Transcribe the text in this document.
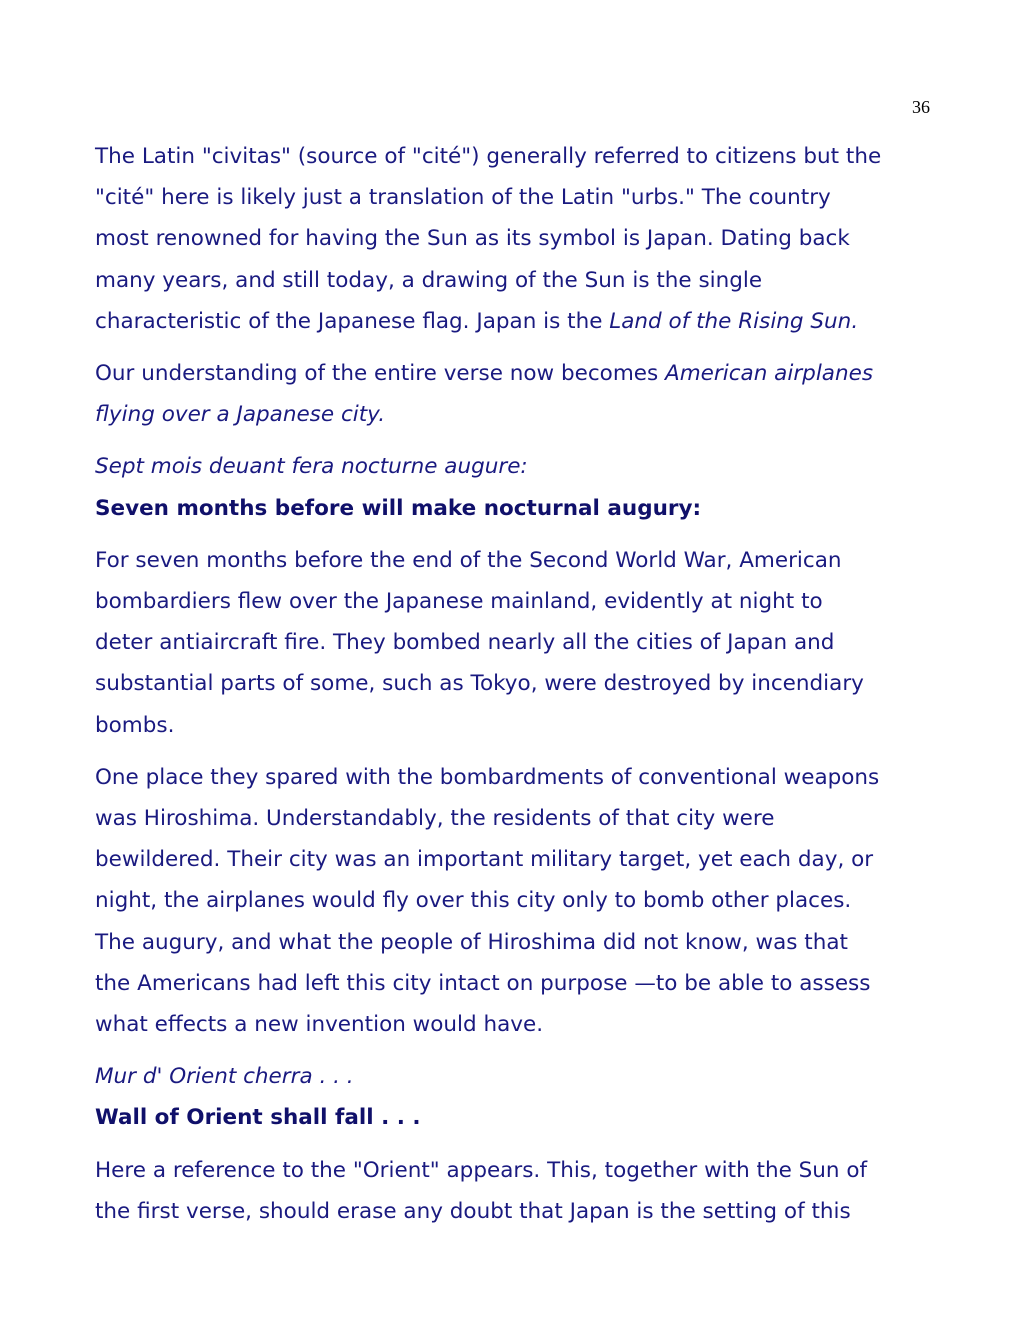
36

The Latin "civitas" (source of "cité") generally referred to citizens but the
"cité" here is likely just a translation of the Latin "urbs." The country
most renowned for having the Sun as its symbol is Japan. Dating back
many years, and still today, a drawing of the Sun is the single
characteristic of the Japanese flag. Japan is the Land of the Rising Sun.

Our understanding of the entire verse now becomes American airplanes
flying over a Japanese city.

Sept mois deuant fera nocturne augure:

Seven months before will make nocturnal augury:

For seven months before the end of the Second World War, American
bombardiers flew over the Japanese mainland, evidently at night to
deter antiaircraft fire. They bombed nearly all the cities of Japan and
substantial parts of some, such as Tokyo, were destroyed by incendiary
bombs.

One place they spared with the bombardments of conventional weapons
was Hiroshima. Understandably, the residents of that city were
bewildered. Their city was an important military target, yet each day, or
night, the airplanes would fly over this city only to bomb other places.
The augury, and what the people of Hiroshima did not know, was that
the Americans had left this city intact on purpose —to be able to assess
what effects a new invention would have.

Mur d' Orient cherra . . .

Wall of Orient shall fall . . .

Here a reference to the "Orient" appears. This, together with the Sun of
the first verse, should erase any doubt that Japan is the setting of this
